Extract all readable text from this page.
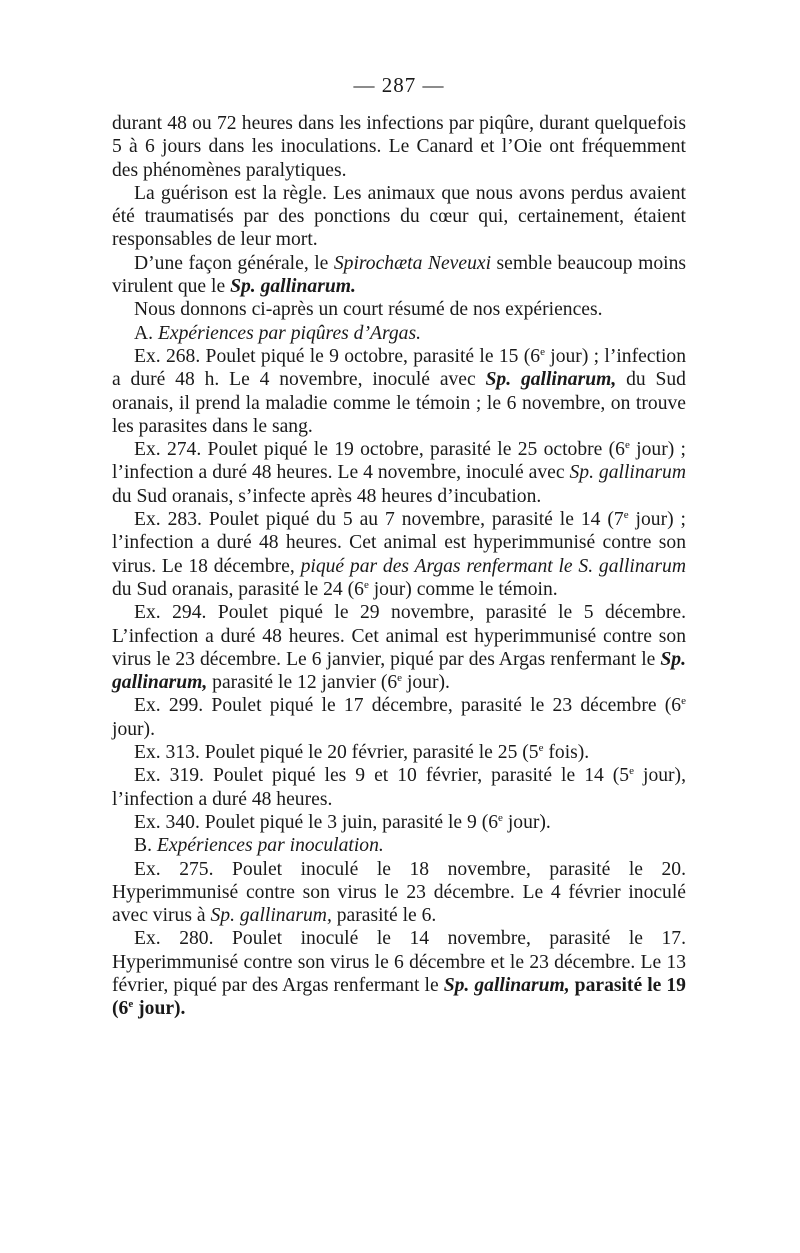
— 287 —

durant 48 ou 72 heures dans les infections par piqûre, durant quelquefois 5 à 6 jours dans les inoculations. Le Canard et l’Oie ont fréquemment des phénomènes paralytiques.

La guérison est la règle. Les animaux que nous avons perdus avaient été traumatisés par des ponctions du cœur qui, certainement, étaient responsables de leur mort.

D’une façon générale, le Spirochæta Neveuxi semble beaucoup moins virulent que le Sp. gallinarum.

Nous donnons ci-après un court résumé de nos expériences.

A. Expériences par piqûres d’Argas.

Ex. 268. Poulet piqué le 9 octobre, parasité le 15 (6e jour) ; l’infection a duré 48 h. Le 4 novembre, inoculé avec Sp. gallinarum, du Sud oranais, il prend la maladie comme le témoin ; le 6 novembre, on trouve les parasites dans le sang.

Ex. 274. Poulet piqué le 19 octobre, parasité le 25 octobre (6e jour) ; l’infection a duré 48 heures. Le 4 novembre, inoculé avec Sp. gallinarum du Sud oranais, s’infecte après 48 heures d’incubation.

Ex. 283. Poulet piqué du 5 au 7 novembre, parasité le 14 (7e jour) ; l’infection a duré 48 heures. Cet animal est hyperimmunisé contre son virus. Le 18 décembre, piqué par des Argas renfermant le S. gallinarum du Sud oranais, parasité le 24 (6e jour) comme le témoin.

Ex. 294. Poulet piqué le 29 novembre, parasité le 5 décembre. L’infection a duré 48 heures. Cet animal est hyperimmunisé contre son virus le 23 décembre. Le 6 janvier, piqué par des Argas renfermant le Sp. gallinarum, parasité le 12 janvier (6e jour).

Ex. 299. Poulet piqué le 17 décembre, parasité le 23 décembre (6e jour).

Ex. 313. Poulet piqué le 20 février, parasité le 25 (5e fois).

Ex. 319. Poulet piqué les 9 et 10 février, parasité le 14 (5e jour), l’infection a duré 48 heures.

Ex. 340. Poulet piqué le 3 juin, parasité le 9 (6e jour).

B. Expériences par inoculation.

Ex. 275. Poulet inoculé le 18 novembre, parasité le 20. Hyperimmunisé contre son virus le 23 décembre. Le 4 février inoculé avec virus à Sp. gallinarum, parasité le 6.

Ex. 280. Poulet inoculé le 14 novembre, parasité le 17. Hyperimmunisé contre son virus le 6 décembre et le 23 décembre. Le 13 février, piqué par des Argas renfermant le Sp. gallinarum, parasité le 19 (6e jour).
